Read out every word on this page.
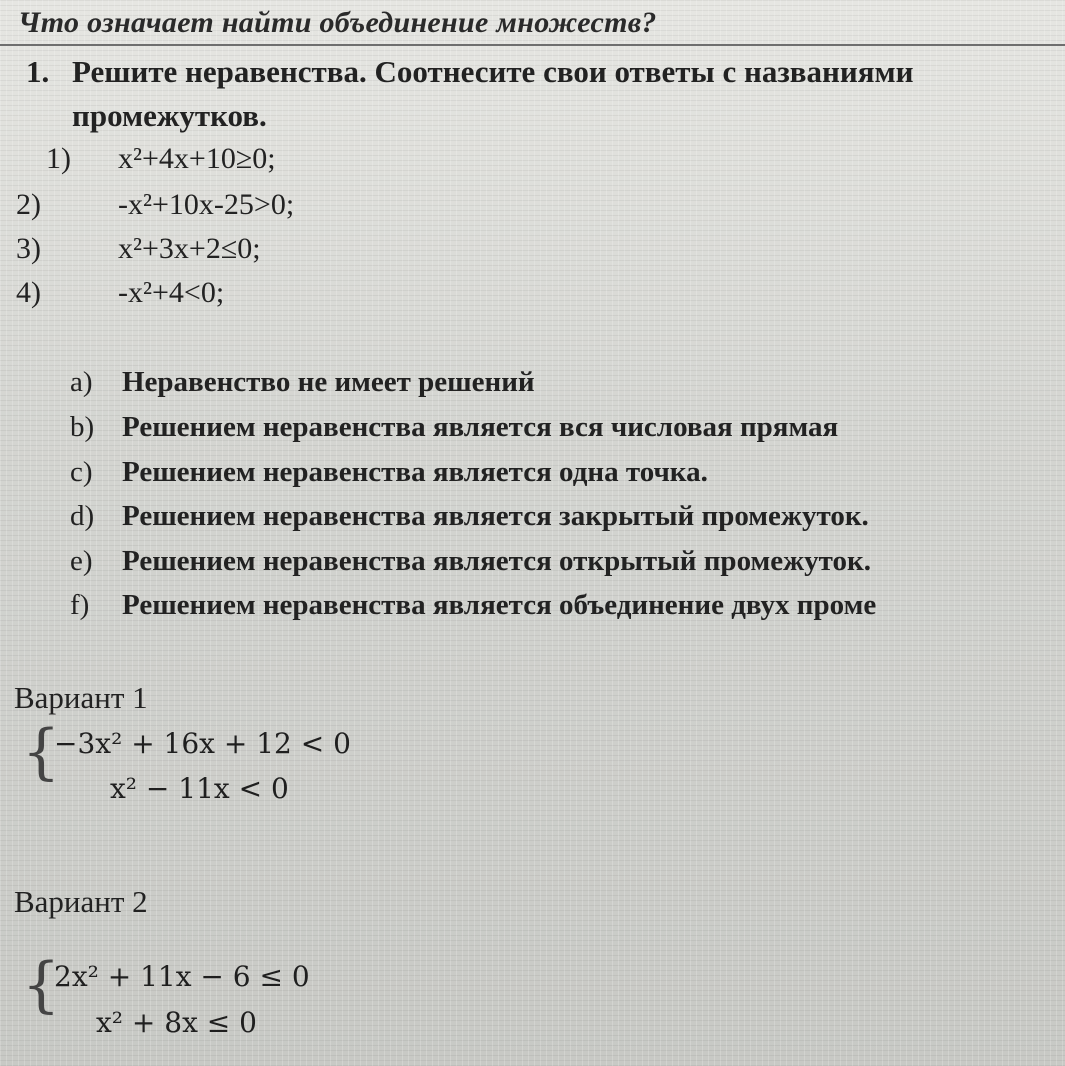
Что означает найти объединение множеств?
1. Решите неравенства. Соотнесите свои ответы с названиями
промежутков.
1) x²+4x+10≥0;
2)	-x²+10x-25>0;
3)	x²+3x+2≤0;
4)	-x²+4<0;
a) Неравенство не имеет решений
b) Решением неравенства является вся числовая прямая
c) Решением неравенства является одна точка.
d) Решением неравенства является закрытый промежуток.
e) Решением неравенства является открытый промежуток.
f) Решением неравенства является объединение двух проме
Вариант 1
{
−3x² + 16x + 12 < 0
x² − 11x < 0
Вариант 2
{
2x² + 11x − 6 ≤ 0
x² + 8x ≤ 0
